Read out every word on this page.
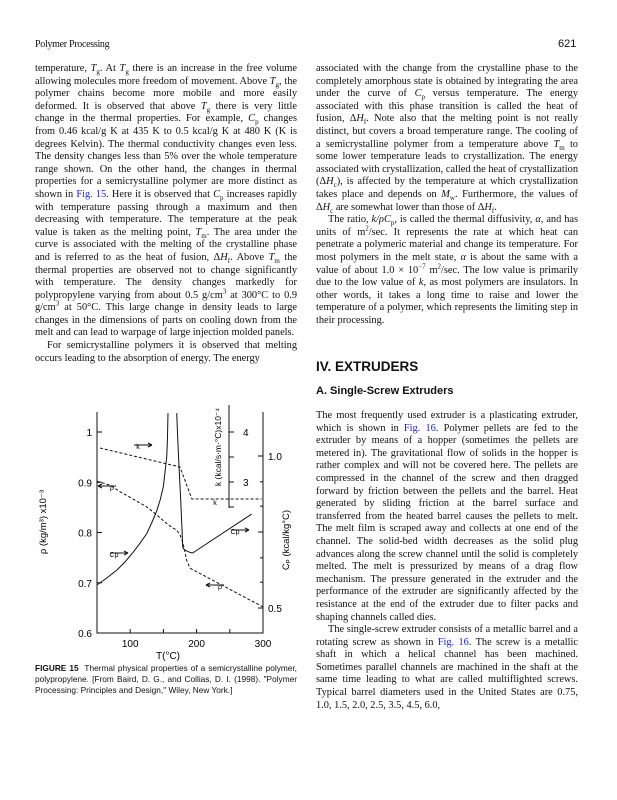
Polymer Processing	621

temperature, $T_g$. At $T_g$ there is an increase in the free volume allowing molecules more freedom of movement. Above $T_g$, the polymer chains become more mobile and more easily deformed. It is observed that above $T_g$ there is very little change in the thermal properties. For example, $C_p$ changes from 0.46 kcal/g K at 435 K to 0.5 kcal/g K at 480 K (K is degrees Kelvin). The thermal conductivity changes even less. The density changes less than 5% over the whole temperature range shown. On the other hand, the changes in thermal properties for a semicrystalline polymer are more distinct as shown in Fig. 15. Here it is observed that $C_p$ increases rapidly with temperature passing through a maximum and then decreasing with temperature. The temperature at the peak value is taken as the melting point, $T_m$. The area under the curve is associated with the melting of the crystalline phase and is referred to as the heat of fusion, $\Delta H_f$. Above $T_m$ the thermal properties are observed not to change significantly with temperature. The density changes markedly for polypropylene varying from about 0.5 $g/cm^3$ at 300°C to 0.9 $g/cm^3$ at 50°C. This large change in density leads to large changes in the dimensions of parts on cooling down from the melt and can lead to warpage of large injection molded panels.

For semicrystalline polymers it is observed that melting occurs leading to the absorption of energy. The energy

associated with the change from the crystalline phase to the completely amorphous state is obtained by integrating the area under the curve of $C_p$ versus temperature. The energy associated with this phase transition is called the heat of fusion, $\Delta H_f$. Note also that the melting point is not really distinct, but covers a broad temperature range. The cooling of a semicrystalline polymer from a temperature above $T_m$ to some lower temperature leads to crystallization. The energy associated with crystallization, called the heat of crystallization $(\Delta H_c)$, is affected by the temperature at which crystallization takes place and depends on $M_w$. Furthermore, the values of $\Delta H_c$ are somewhat lower than those of $\Delta H_f$.

The ratio, $k/\rho C_p$, is called the thermal diffusivity, α, and has units of $m^2/\sec$. It represents the rate at which heat can penetrate a polymeric material and change its temperature. For most polymers in the melt state, α is about the same with a value of about $1.0 \times 10^{-7}$ $m^2/\sec$. The low value is primarily due to the low value of k, as most polymers are insulators. In other words, it takes a long time to raise and lower the temperature of a polymer, which represents the limiting step in their processing.

IV. EXTRUDERS
A. Single-Screw Extruders

The most frequently used extruder is a plasticating extruder, which is shown in Fig. 16. Polymer pellets are fed to the extruder by means of a hopper (sometimes the pellets are metered in). The gravitational flow of solids in the hopper is rather complex and will not be covered here. The pellets are compressed in the channel of the screw and then dragged forward by friction between the pellets and the barrel. Heat generated by sliding friction at the barrel surface and transferred from the heated barrel causes the pellets to melt. The melt film is scraped away and collects at one end of the channel. The solid-bed width decreases as the solid plug advances along the screw channel until the solid is completely melted. The melt is pressurized by means of a drag flow mechanism. The pressure generated in the extruder and the performance of the extruder are significantly affected by the resistance at the end of the extruder due to filter packs and shaping channels called dies.

The single-screw extruder consists of a metallic barrel and a rotating screw as shown in Fig. 16. The screw is a metallic shaft in which a helical channel has been machined. Sometimes parallel channels are machined in the shaft at the same time leading to what are called multiflighted screws. Typical barrel diameters used in the United States are 0.75, 1.0, 1.5, 2.0, 2.5, 3.5, 4.5, 6.0,

0.6
0.7
0.8
0.9
1
100	200	300
T(°C)
4
3
1.0
0.5
ρ (kg/m³) x10⁻³
k (kcal/s·m·°C)x10⁻⁴
Cₚ (kcal/kg°C)
k
ρ
k
Cp
Cp
ρ
FIGURE 15 Thermal physical properties of a semicrystalline polymer, polypropylene. [From Baird, D. G., and Collias, D. I. (1998). "Polymer Processing: Principles and Design," Wiley, New York.]
